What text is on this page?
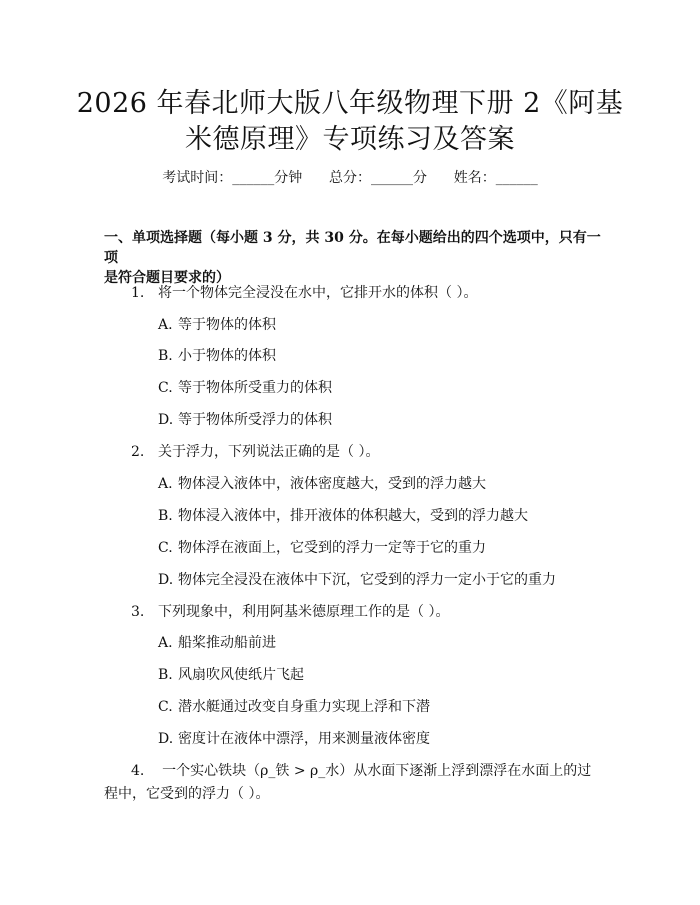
2026 年春北师大版八年级物理下册 2《阿基
米德原理》专项练习及答案
考试时间：______分钟      总分：______分      姓名：______
一、单项选择题（每小题 3 分，共 30 分。在每小题给出的四个选项中，只有一项
是符合题目要求的）
1. 将一个物体完全浸没在水中，它排开水的体积（ ）。
A. 等于物体的体积
B. 小于物体的体积
C. 等于物体所受重力的体积
D. 等于物体所受浮力的体积
2. 关于浮力，下列说法正确的是（ ）。
A. 物体浸入液体中，液体密度越大，受到的浮力越大
B. 物体浸入液体中，排开液体的体积越大，受到的浮力越大
C. 物体浮在液面上，它受到的浮力一定等于它的重力
D. 物体完全浸没在液体中下沉，它受到的浮力一定小于它的重力
3. 下列现象中，利用阿基米德原理工作的是（ ）。
A. 船桨推动船前进
B. 风扇吹风使纸片飞起
C. 潜水艇通过改变自身重力实现上浮和下潜
D. 密度计在液体中漂浮，用来测量液体密度
4. 一个实心铁块（ρ_铁 > ρ_水）从水面下逐渐上浮到漂浮在水面上的过程中，它受到的浮力（ ）。
